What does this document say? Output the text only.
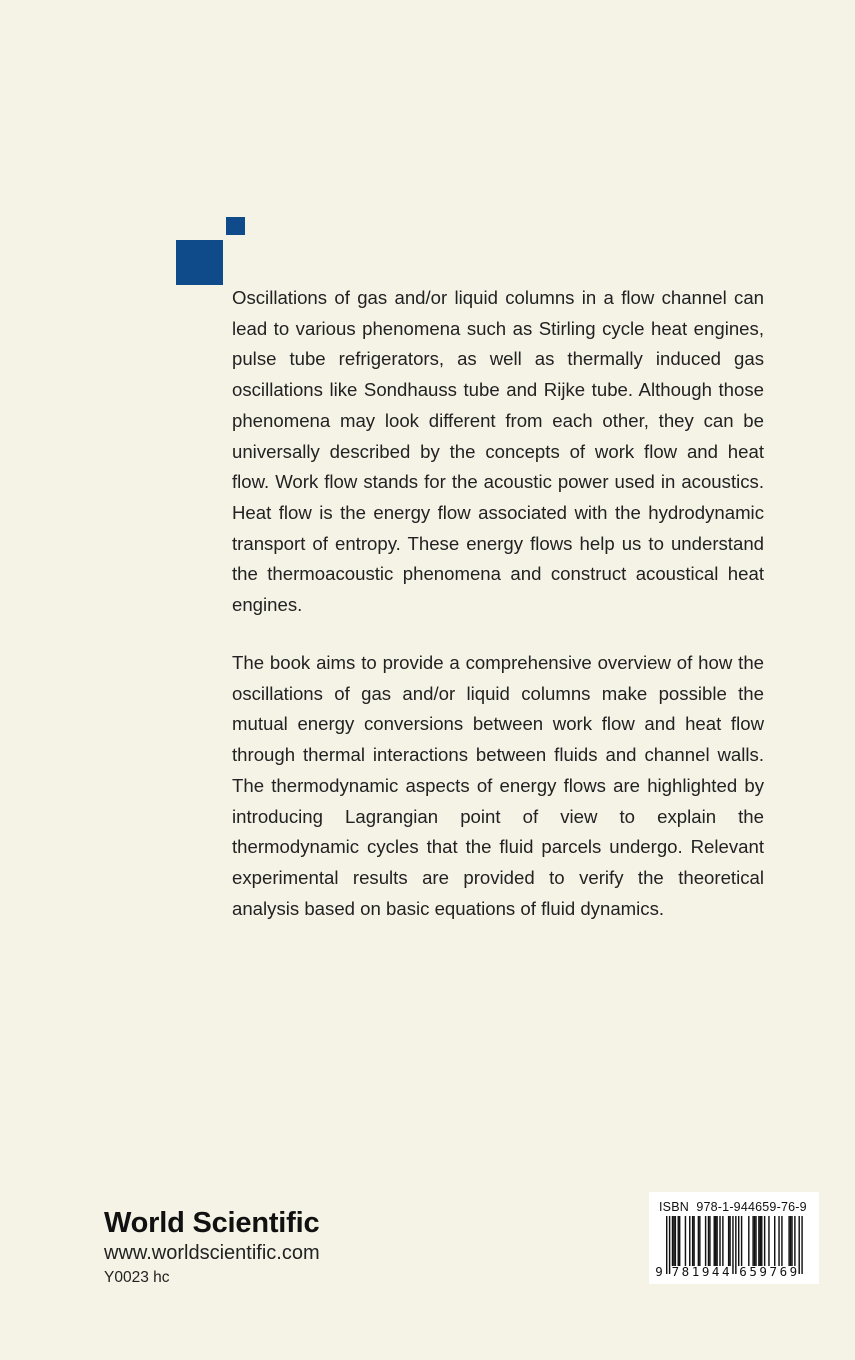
Oscillations of gas and/or liquid columns in a flow channel can lead to various phenomena such as Stirling cycle heat engines, pulse tube refrigerators, as well as thermally induced gas oscillations like Sondhauss tube and Rijke tube. Although those phenomena may look different from each other, they can be universally described by the concepts of work flow and heat flow. Work flow stands for the acoustic power used in acoustics. Heat flow is the energy flow associated with the hydrodynamic transport of entropy. These energy flows help us to understand the thermoacoustic phenomena and construct acoustical heat engines.

The book aims to provide a comprehensive overview of how the oscillations of gas and/or liquid columns make possible the mutual energy conversions between work flow and heat flow through thermal interactions between fluids and channel walls. The thermodynamic aspects of energy flows are highlighted by introducing Lagrangian point of view to explain the thermodynamic cycles that the fluid parcels undergo. Relevant experimental results are provided to verify the theoretical analysis based on basic equations of fluid dynamics.

World Scientific
www.worldscientific.com
Y0023 hc
ISBN 978-1-944659-76-9
9 7 8 1 9 4 4 6 5 9 7 6 9
